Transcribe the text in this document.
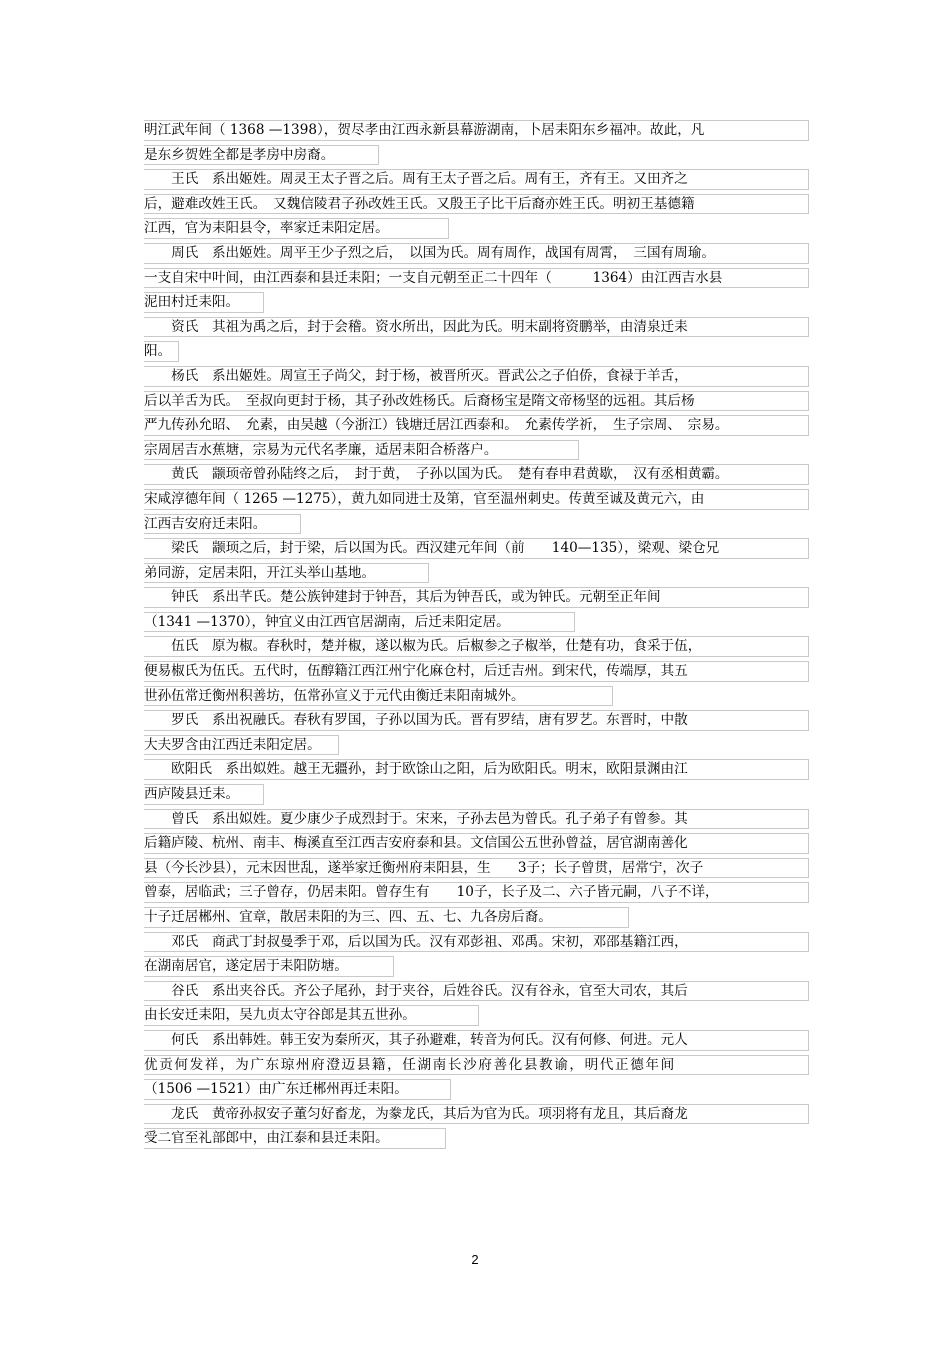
明江武年间（ 1368 —1398），贺尽孝由江西永新县幕游湖南，卜居耒阳东乡福冲。故此，凡
是东乡贺姓全都是孝房中房裔。
　　王氏　系出姬姓。周灵王太子晋之后。周有王太子晋之后。周有王，齐有王。又田齐之
后，避难改姓王氏。　又魏信陵君子孙改姓王氏。又殷王子比干后裔亦姓王氏。明初王基德籍
江西，官为耒阳县令，率家迁耒阳定居。
　　周氏　系出姬姓。周平王少子烈之后，　以国为氏。周有周作，战国有周霄，　三国有周瑜。
一支自宋中叶间，由江西泰和县迁耒阳；一支自元朝至正二十四年（　　　1364）由江西吉水县
泥田村迁耒阳。
　　资氏　其祖为禹之后，封于会稽。资水所出，因此为氏。明末副将资鹏举，由清泉迁耒
阳。
　　杨氏　系出姬姓。周宣王子尚父，封于杨，被晋所灭。晋武公之子伯侨，食禄于羊舌，
后以羊舌为氏。　至叔向更封于杨，其子孙改姓杨氏。后裔杨宝是隋文帝杨坚的远祖。其后杨
严九传孙允昭、　允素，由吴越（今浙江）钱塘迁居江西泰和。　允素传学祈，　生子宗周、　宗易。
宗周居吉水蕉塘，宗易为元代名孝廉，适居耒阳合桥落户。
　　黄氏　颛顼帝曾孙陆终之后，　封于黄，　子孙以国为氏。　楚有春申君黄歇，　汉有丞相黄霸。
宋咸淳德年间（ 1265 —1275），黄九如同进士及第，官至温州刺史。传黄至诚及黄元六，由
江西吉安府迁耒阳。
　　梁氏　颛顼之后，封于梁，后以国为氏。西汉建元年间（前　　140—135），梁观、梁仓兄
弟同游，定居耒阳，开江头举山基地。
　　钟氏　系出芊氏。楚公族钟建封于钟吾，其后为钟吾氏，或为钟氏。元朝至正年间
（1341 —1370），钟宜义由江西官居湖南，后迁耒阳定居。
　　伍氏　原为椒。春秋时，楚并椒，遂以椒为氏。后椒参之子椒举，仕楚有功，食采于伍，
便易椒氏为伍氏。五代时，伍醇籍江西江州宁化麻仓村，后迁吉州。到宋代，传端厚，其五
世孙伍常迁衡州积善坊，伍常孙宣义于元代由衡迁耒阳南城外。
　　罗氏　系出祝融氏。春秋有罗国，子孙以国为氏。晋有罗结，唐有罗艺。东晋时，中散
大夫罗含由江西迁耒阳定居。
　　欧阳氏　系出姒姓。越王无疆孙，封于欧馀山之阳，后为欧阳氏。明末，欧阳景渊由江
西庐陵县迁耒。
　　曾氏　系出姒姓。夏少康少子成烈封于。宋来，子孙去邑为曾氏。孔子弟子有曾参。其
后籍庐陵、杭州、南丰、梅溪直至江西吉安府泰和县。文信国公五世孙曾益，居官湖南善化
县（今长沙县），元末因世乱，遂举家迁衡州府耒阳县，生　　3子；长子曾贯，居常宁，次子
曾泰，居临武；三子曾存，仍居耒阳。曾存生有　　10子，长子及二、六子皆元嗣，八子不详，
十子迁居郴州、宜章，散居耒阳的为三、四、五、七、九各房后裔。
　　邓氏　商武丁封叔曼季于邓，后以国为氏。汉有邓彭祖、邓禹。宋初，邓邵基籍江西，
在湖南居官，遂定居于耒阳防塘。
　　谷氏　系出夹谷氏。齐公子尾孙，封于夹谷，后姓谷氏。汉有谷永，官至大司农，其后
由长安迁耒阳，吴九贞太守谷郎是其五世孙。
　　何氏　系出韩姓。韩王安为秦所灭，其子孙避难，转音为何氏。汉有何修、何进。元人
优贡何发祥，为广东琼州府澄迈县籍，任湖南长沙府善化县教谕，明代正德年间
（1506 —1521）由广东迁郴州再迁耒阳。
　　龙氏　黄帝孙叔安子董匀好畜龙，为豢龙氏，其后为官为氏。项羽将有龙且，其后裔龙
受二官至礼部郎中，由江泰和县迁耒阳。
2
